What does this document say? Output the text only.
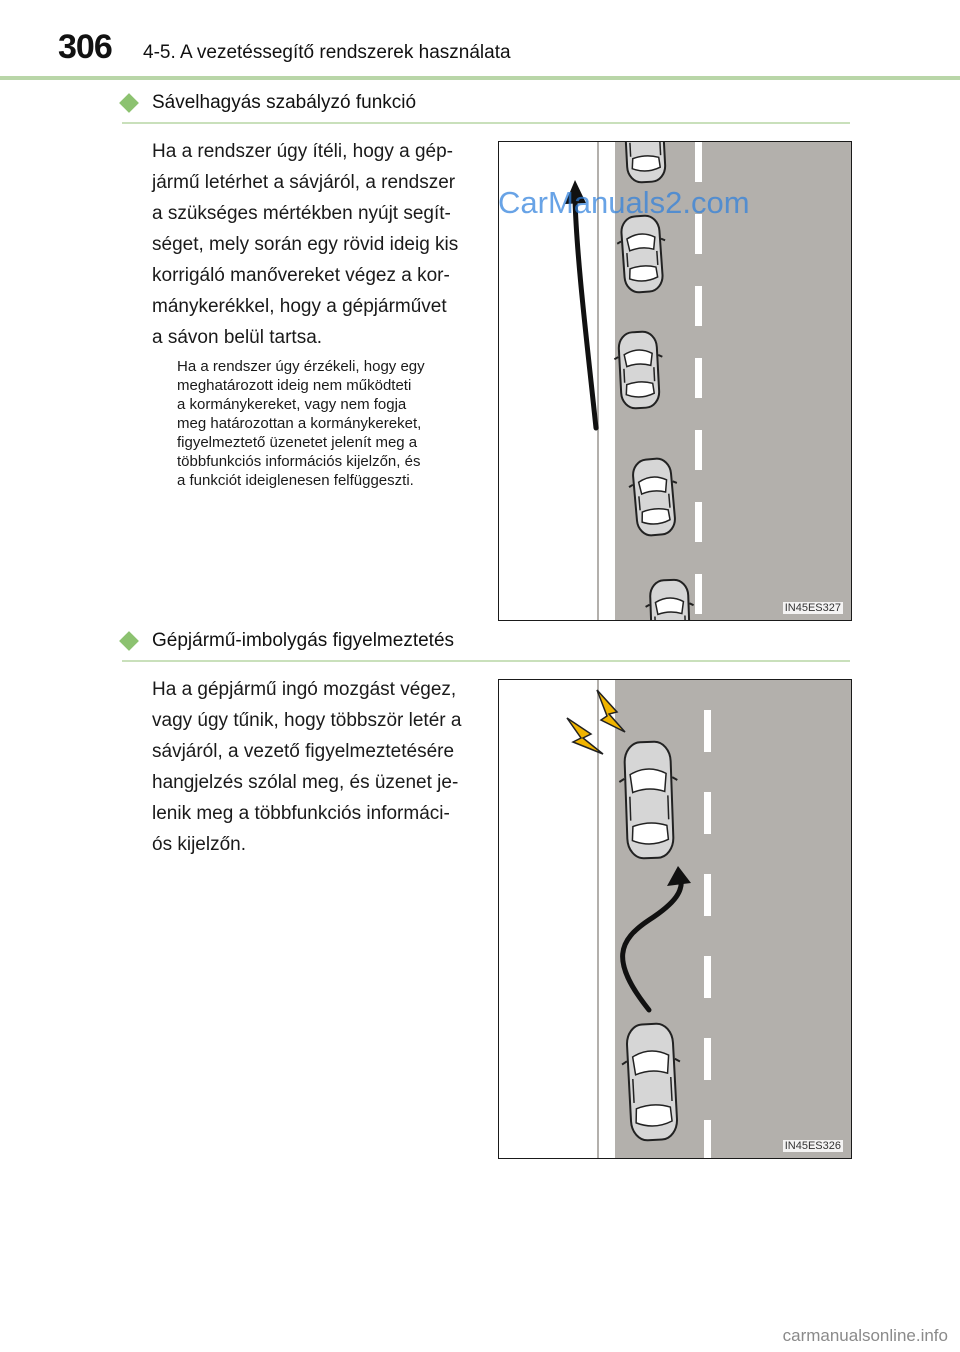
306 4-5. A vezetéssegítő rendszerek használata
Sávelhagyás szabályzó funkció
Ha a rendszer úgy ítéli, hogy a gép-
jármű letérhet a sávjáról, a rendszer
a szükséges mértékben nyújt segít-
séget, mely során egy rövid ideig kis
korrigáló manővereket végez a kor-
mánykerékkel, hogy a gépjárművet
a sávon belül tartsa.
Ha a rendszer úgy érzékeli, hogy egy
meghatározott ideig nem működteti
a kormánykereket, vagy nem fogja
meg határozottan a kormánykereket,
figyelmeztető üzenetet jelenít meg a
többfunkciós információs kijelzőn, és
a funkciót ideiglenesen felfüggeszti.
IN45ES327
CarManuals2.com
Gépjármű-imbolygás figyelmeztetés
Ha a gépjármű ingó mozgást végez,
vagy úgy tűnik, hogy többször letér a
sávjáról, a vezető figyelmeztetésére
hangjelzés szólal meg, és üzenet je-
lenik meg a többfunkciós informáci-
ós kijelzőn.
IN45ES326
carmanualsonline.info
